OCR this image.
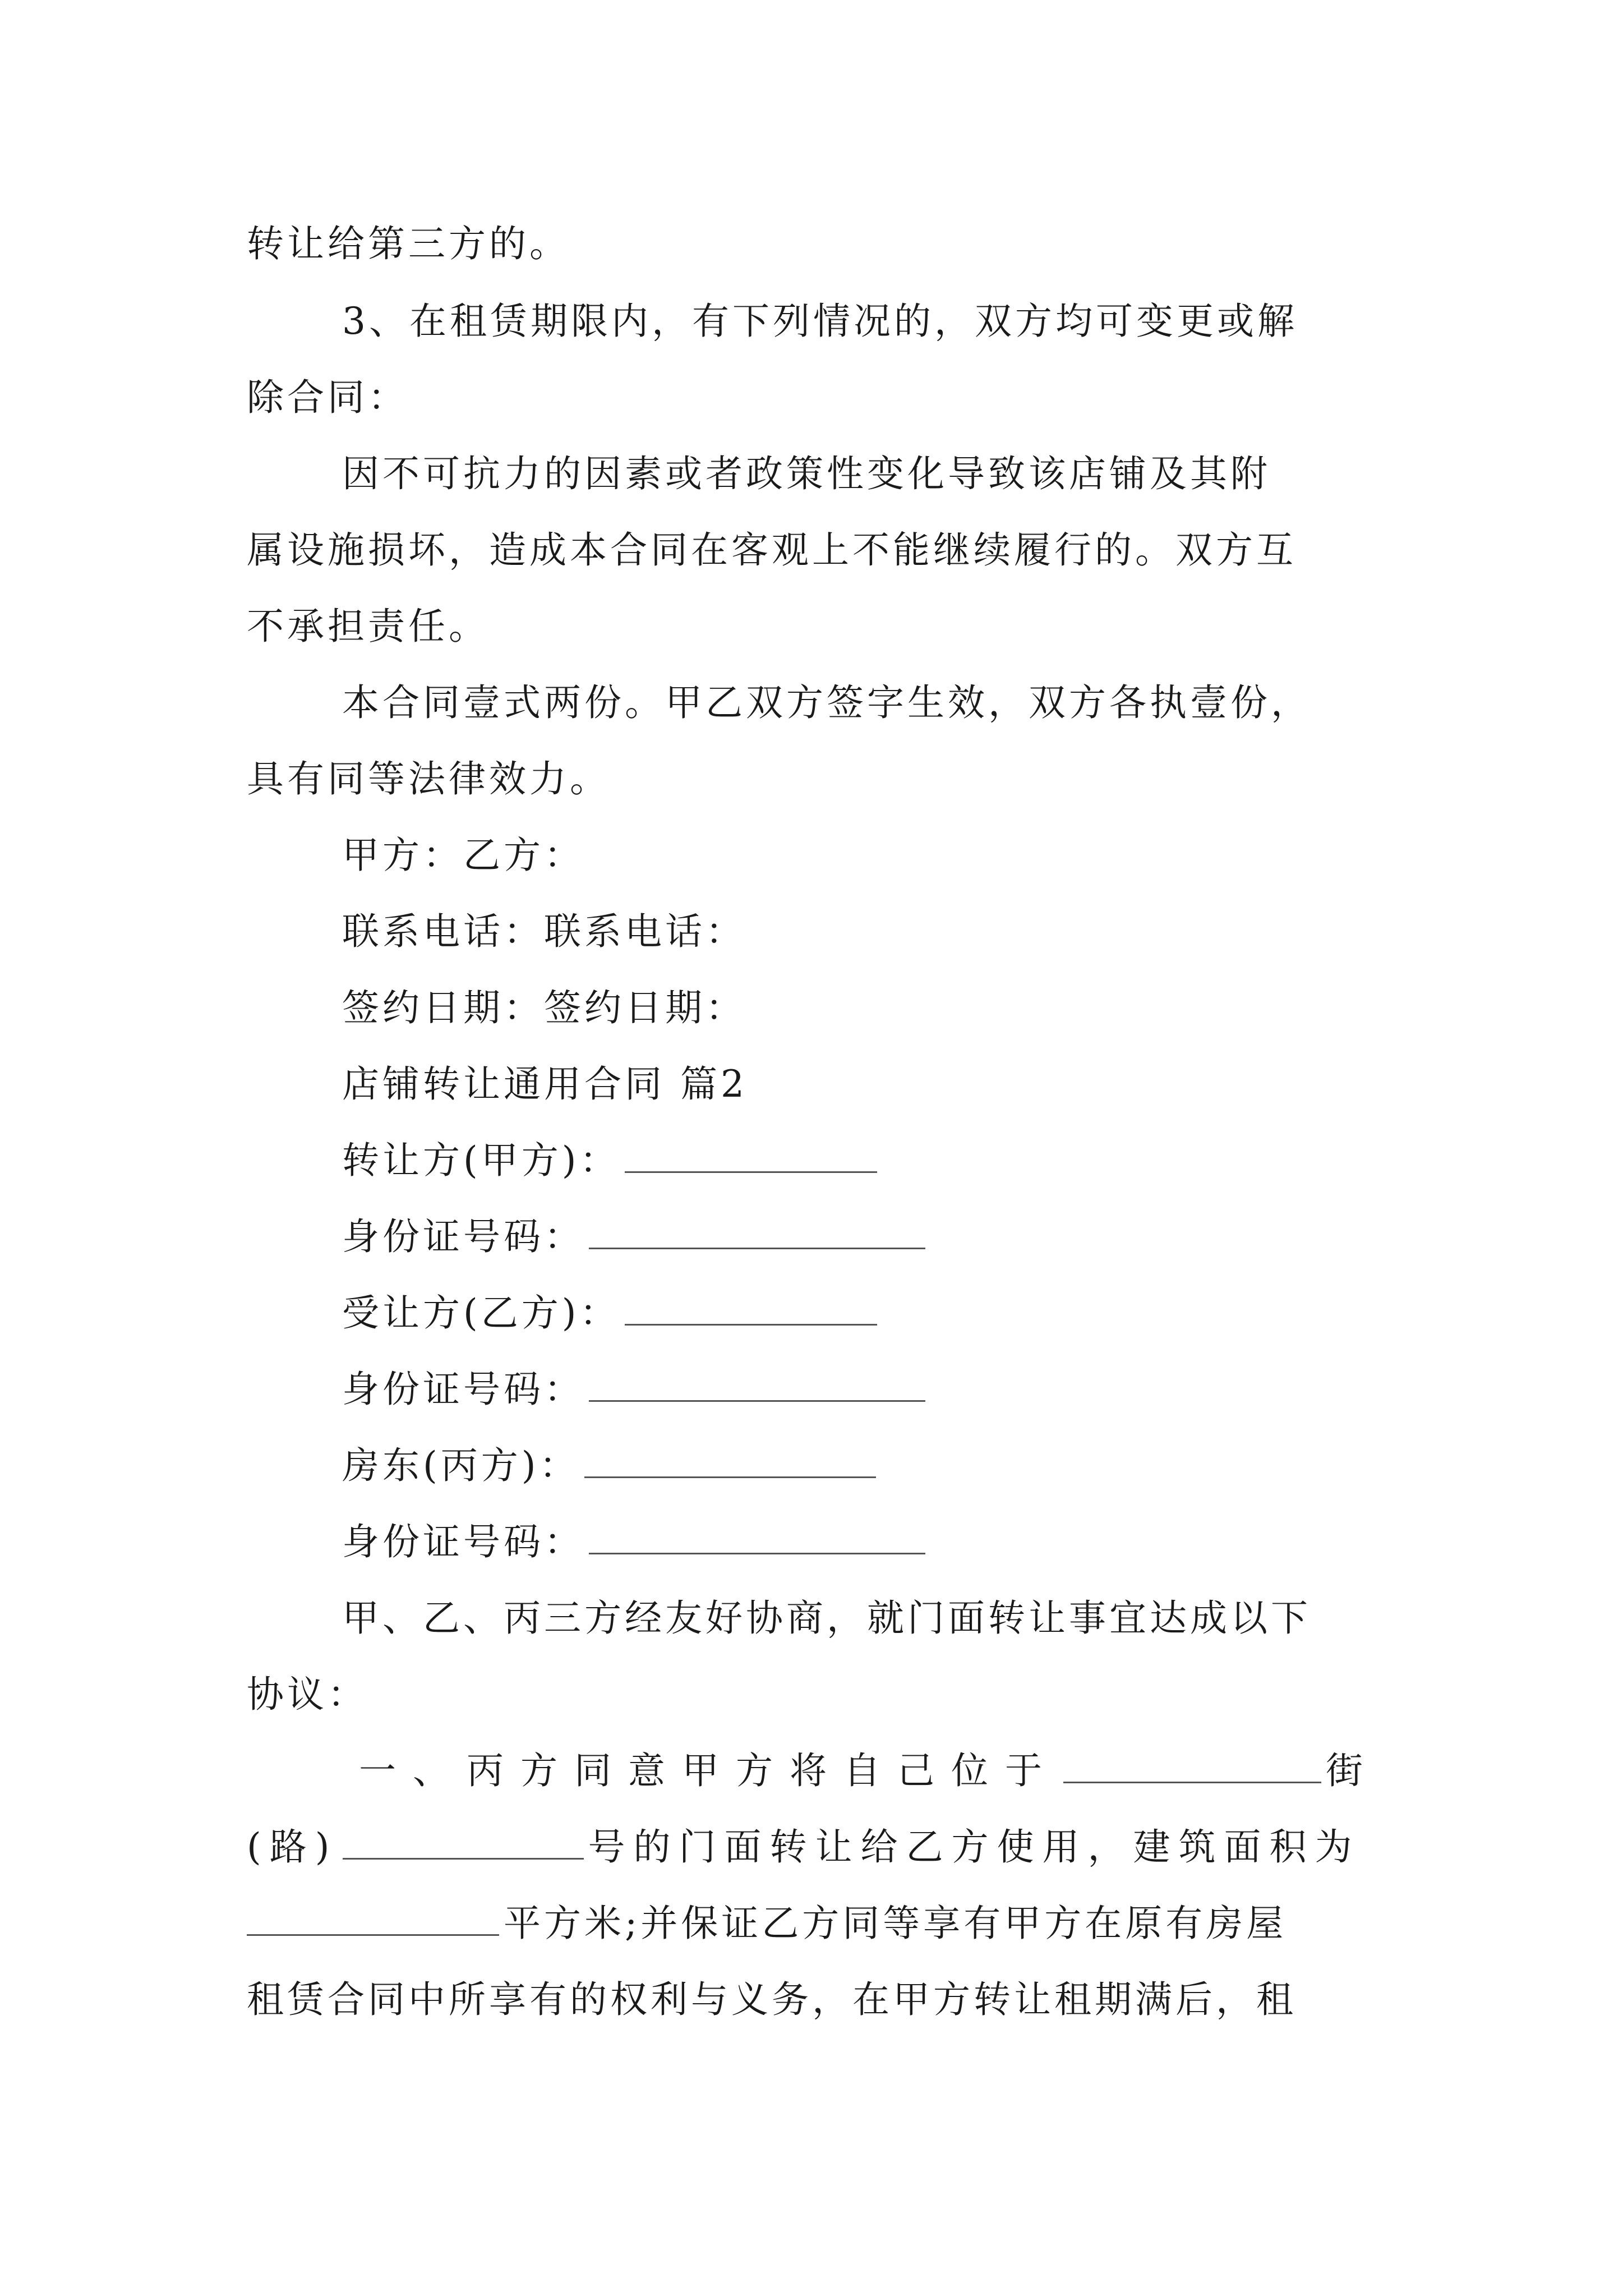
转让给第三方的。
3、在租赁期限内，有下列情况的，双方均可变更或解
除合同：
因不可抗力的因素或者政策性变化导致该店铺及其附
属设施损坏，造成本合同在客观上不能继续履行的。双方互
不承担责任。
本合同壹式两份。甲乙双方签字生效，双方各执壹份，
具有同等法律效力。
甲方：乙方：
联系电话：联系电话：
签约日期：签约日期：
店铺转让通用合同 篇2
转让方(甲方)：
身份证号码：
受让方(乙方)：
身份证号码：
房东(丙方)：
身份证号码：
甲、乙、丙三方经友好协商，就门面转让事宜达成以下
协议：
一、丙方同意甲方将自己位于	街
(路)	号的门面转让给乙方使用，建筑面积为
平方米;并保证乙方同等享有甲方在原有房屋
租赁合同中所享有的权利与义务，在甲方转让租期满后，租
